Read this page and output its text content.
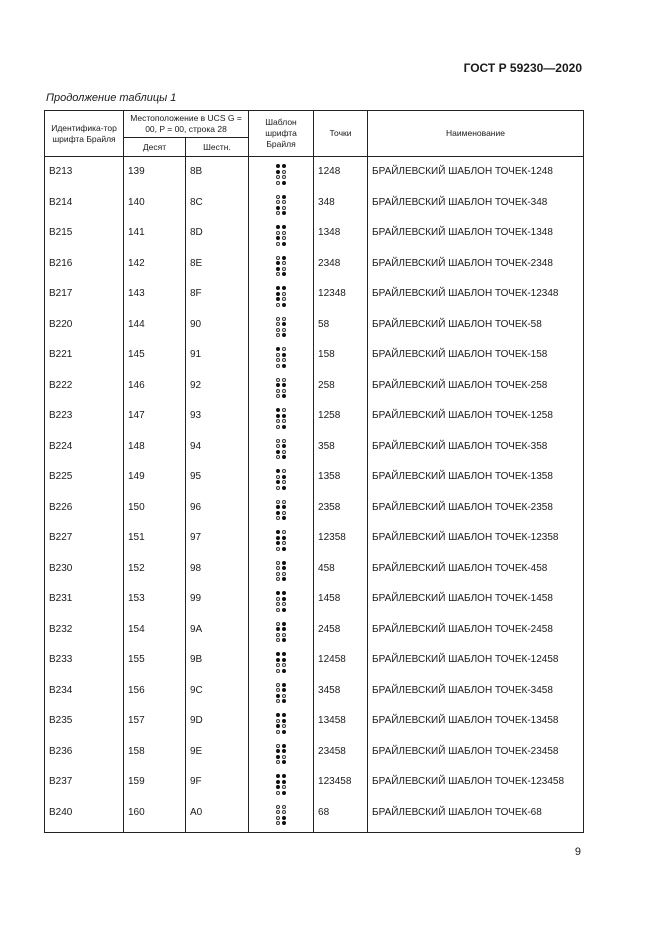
ГОСТ Р 59230—2020
Продолжение таблицы 1
Идентифика-тор шрифта Брайля	Местоположение в UCS G = 00, P = 00, строка 28		Шаблон шрифта Брайля	Точки	Наименование
	Десят	Шестн.			

B213	139	8B		1248	БРАЙЛЕВСКИЙ ШАБЛОН ТОЧЕК-1248

B214	140	8C		348	БРАЙЛЕВСКИЙ ШАБЛОН ТОЧЕК-348

B215	141	8D		1348	БРАЙЛЕВСКИЙ ШАБЛОН ТОЧЕК-1348

B216	142	8E		2348	БРАЙЛЕВСКИЙ ШАБЛОН ТОЧЕК-2348

B217	143	8F		12348	БРАЙЛЕВСКИЙ ШАБЛОН ТОЧЕК-12348

B220	144	90		58	БРАЙЛЕВСКИЙ ШАБЛОН ТОЧЕК-58

B221	145	91		158	БРАЙЛЕВСКИЙ ШАБЛОН ТОЧЕК-158

B222	146	92		258	БРАЙЛЕВСКИЙ ШАБЛОН ТОЧЕК-258

B223	147	93		1258	БРАЙЛЕВСКИЙ ШАБЛОН ТОЧЕК-1258

B224	148	94		358	БРАЙЛЕВСКИЙ ШАБЛОН ТОЧЕК-358

B225	149	95		1358	БРАЙЛЕВСКИЙ ШАБЛОН ТОЧЕК-1358

B226	150	96		2358	БРАЙЛЕВСКИЙ ШАБЛОН ТОЧЕК-2358

B227	151	97		12358	БРАЙЛЕВСКИЙ ШАБЛОН ТОЧЕК-12358

B230	152	98		458	БРАЙЛЕВСКИЙ ШАБЛОН ТОЧЕК-458

B231	153	99		1458	БРАЙЛЕВСКИЙ ШАБЛОН ТОЧЕК-1458

B232	154	9A		2458	БРАЙЛЕВСКИЙ ШАБЛОН ТОЧЕК-2458

B233	155	9B		12458	БРАЙЛЕВСКИЙ ШАБЛОН ТОЧЕК-12458

B234	156	9C		3458	БРАЙЛЕВСКИЙ ШАБЛОН ТОЧЕК-3458

B235	157	9D		13458	БРАЙЛЕВСКИЙ ШАБЛОН ТОЧЕК-13458

B236	158	9E		23458	БРАЙЛЕВСКИЙ ШАБЛОН ТОЧЕК-23458

B237	159	9F		123458	БРАЙЛЕВСКИЙ ШАБЛОН ТОЧЕК-123458

B240	160	A0		68	БРАЙЛЕВСКИЙ ШАБЛОН ТОЧЕК-68
9
